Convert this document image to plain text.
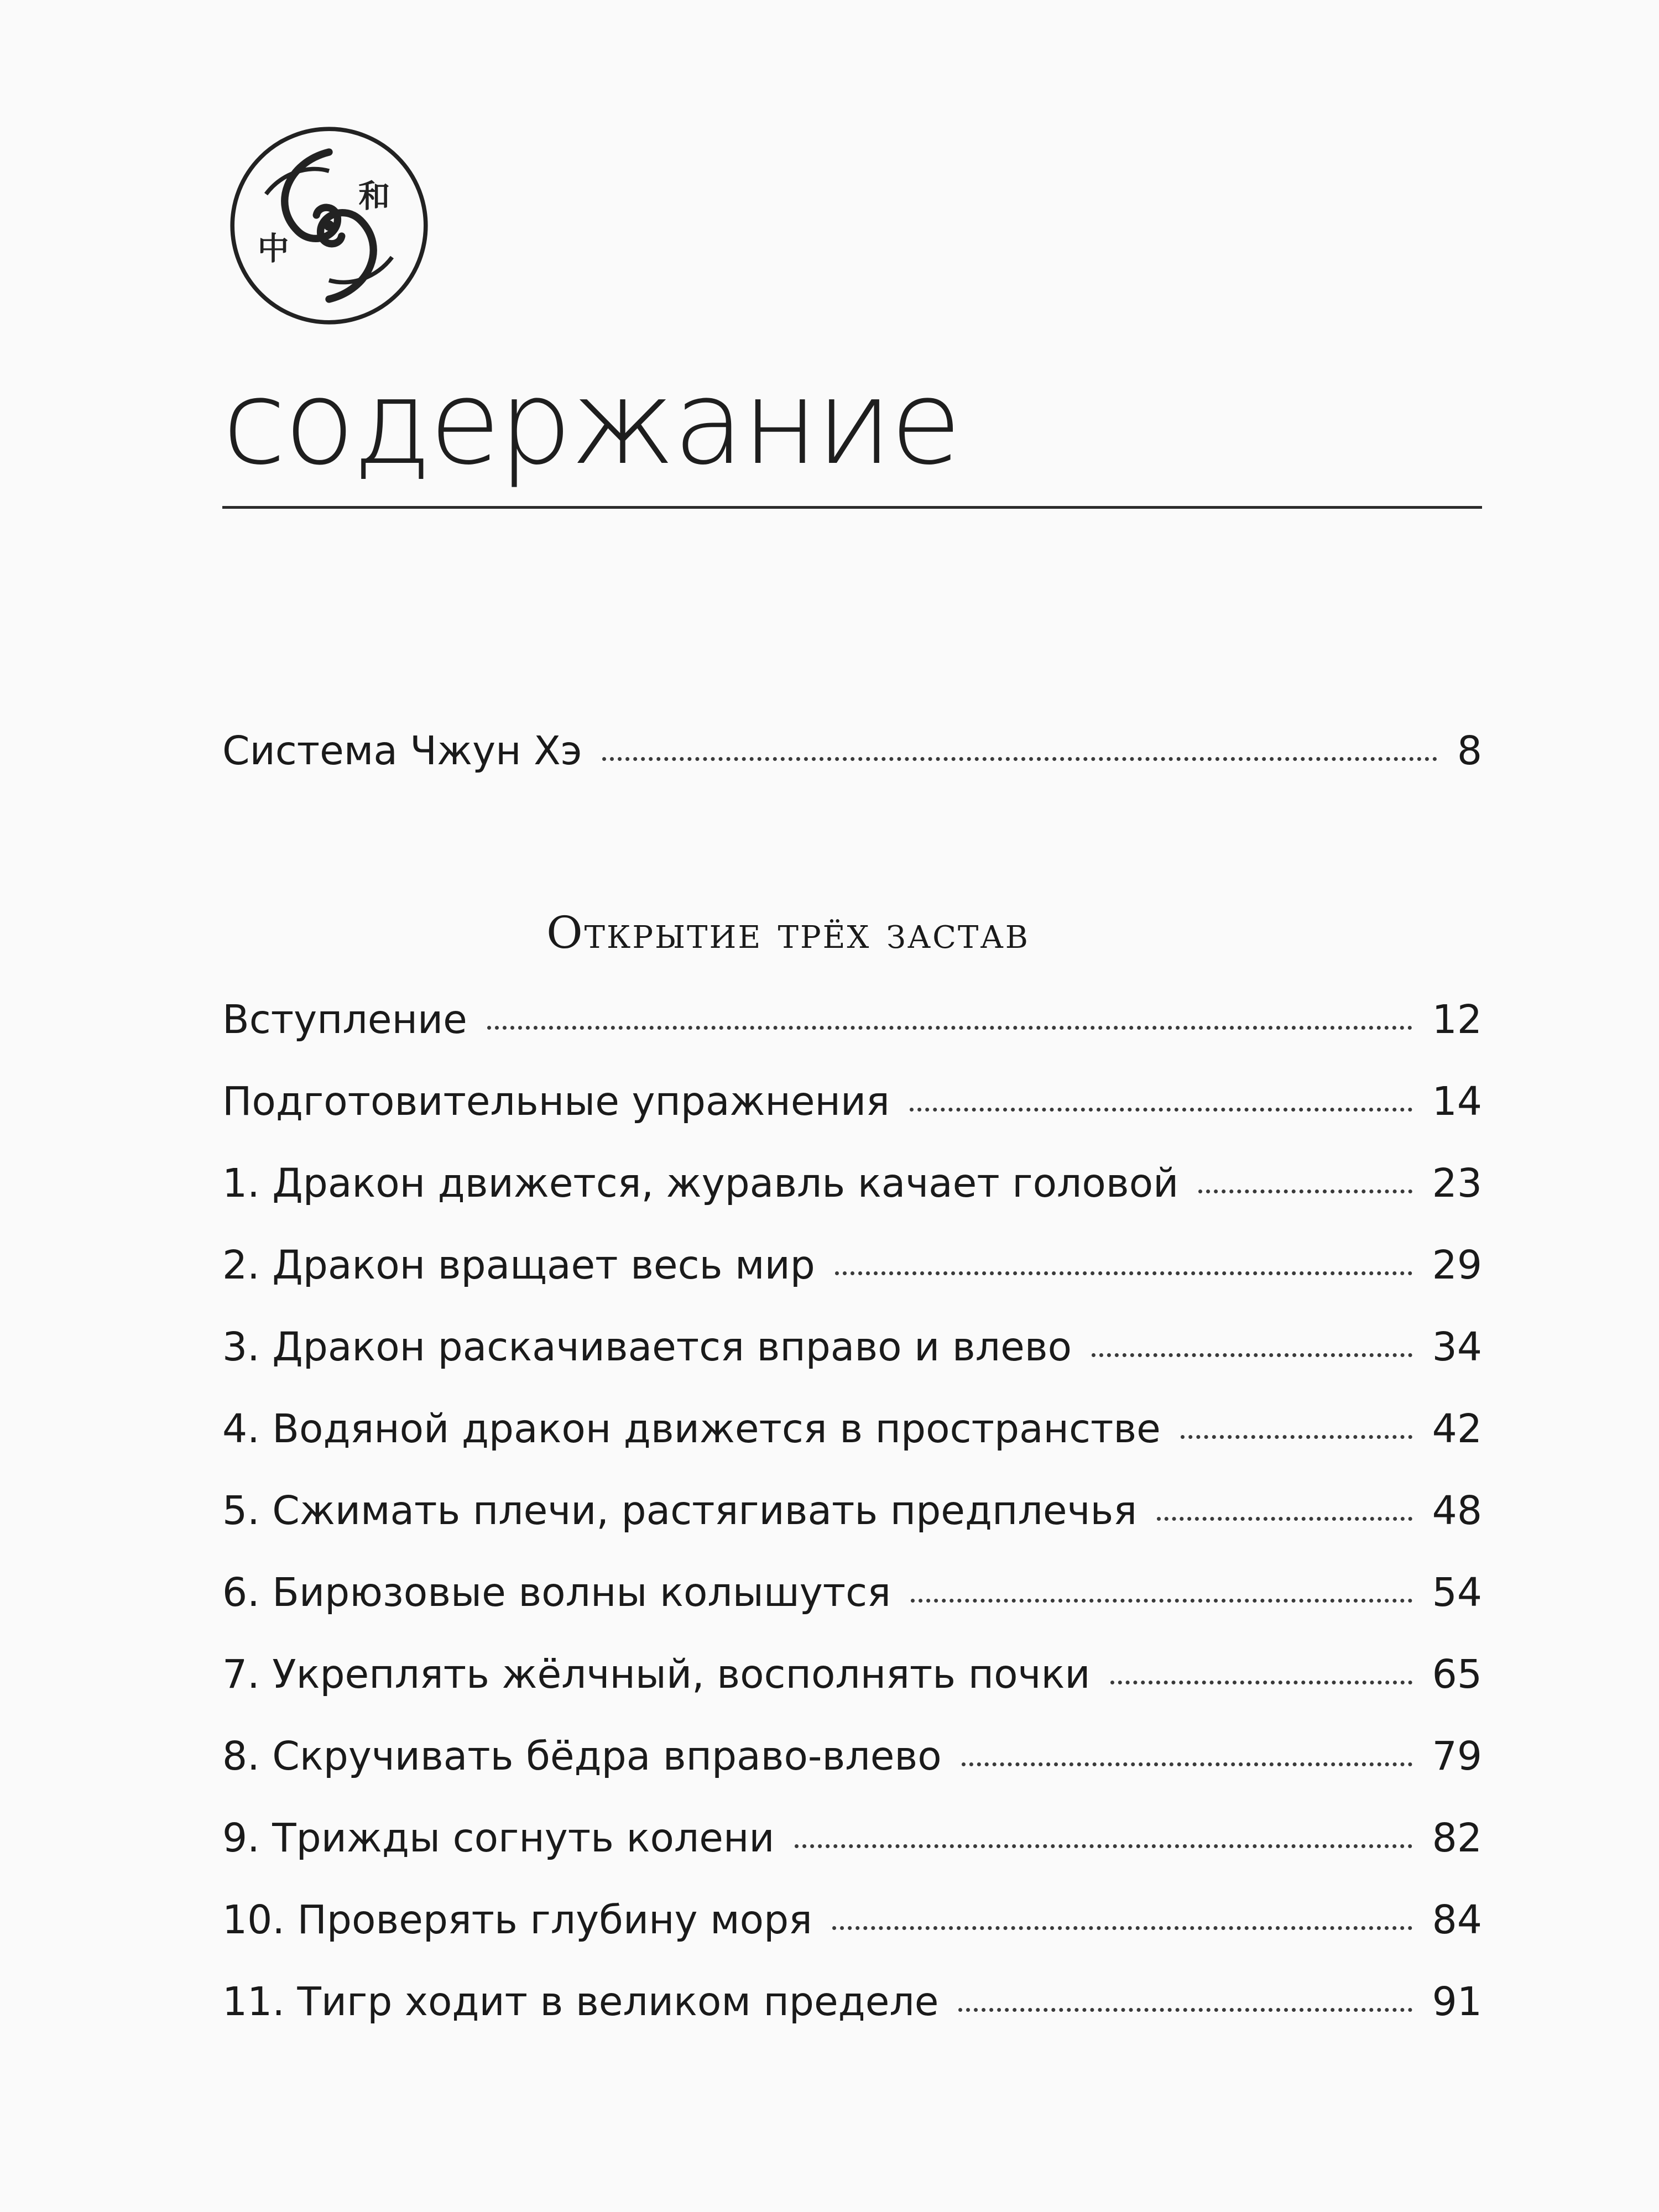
中
和
содержание
Система Чжун Хэ	8
Открытие трёх застав
Вступление	12
Подготовительные упражнения	14
1. Дракон движется, журавль качает головой	23
2. Дракон вращает весь мир	29
3. Дракон раскачивается вправо и влево	34
4. Водяной дракон движется в пространстве	42
5. Сжимать плечи, растягивать предплечья	48
6. Бирюзовые волны колышутся	54
7. Укреплять жёлчный, восполнять почки	65
8. Скручивать бёдра вправо-влево	79
9. Трижды согнуть колени	82
10. Проверять глубину моря	84
11. Тигр ходит в великом пределе	91
